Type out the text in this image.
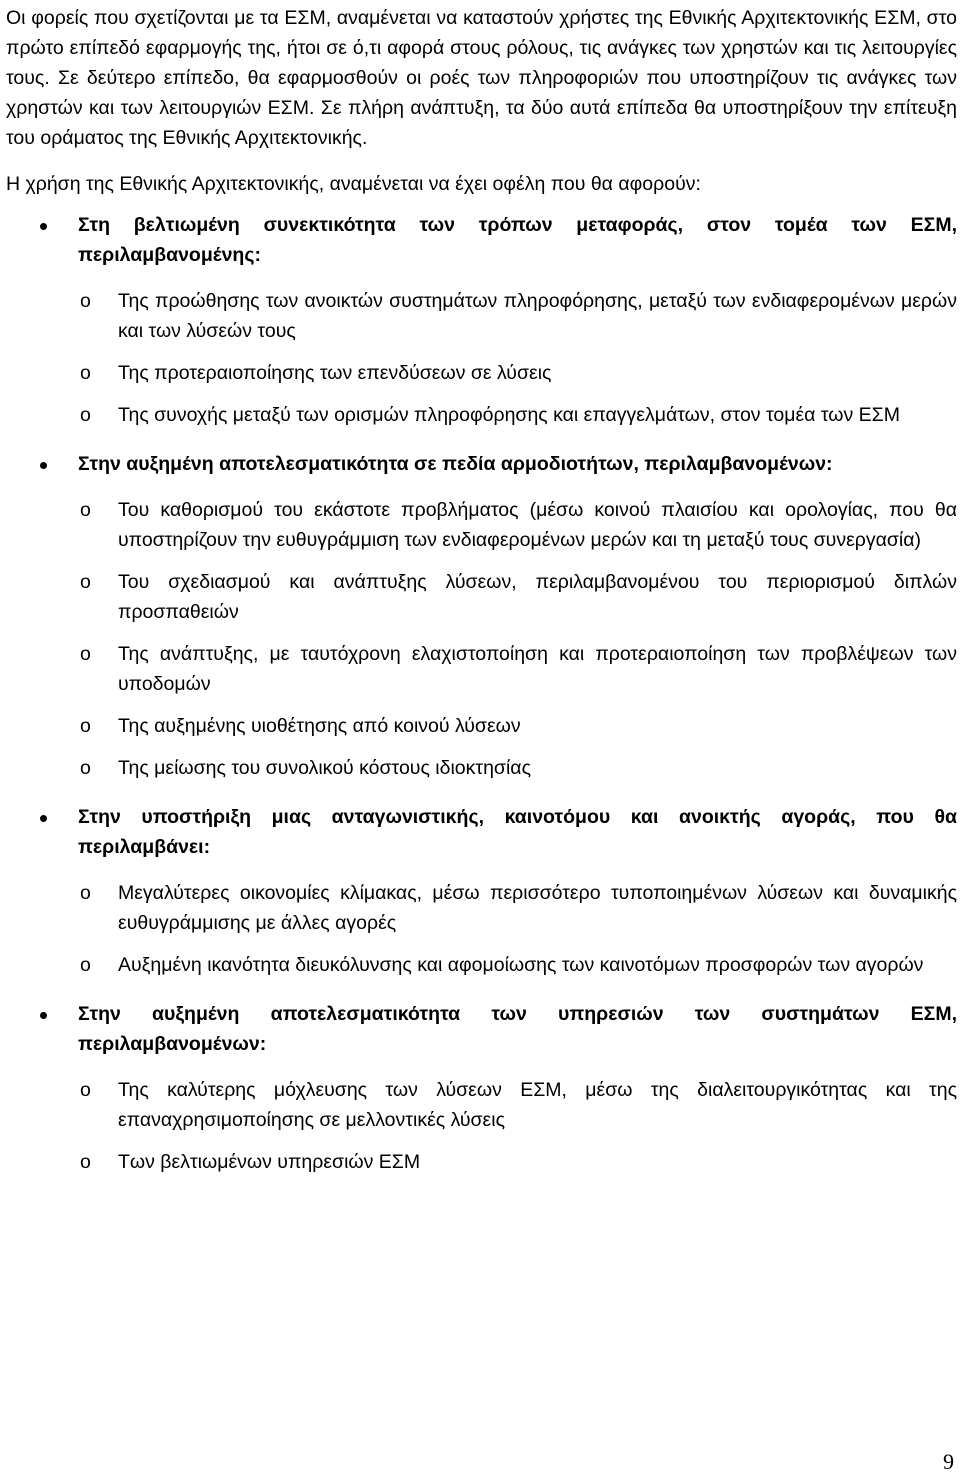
Οι φορείς που σχετίζονται με τα ΕΣΜ, αναμένεται να καταστούν χρήστες της Εθνικής Αρχιτεκτονικής ΕΣΜ, στο πρώτο επίπεδό εφαρμογής της, ήτοι σε ό,τι αφορά στους ρόλους, τις ανάγκες των χρηστών και τις λειτουργίες τους. Σε δεύτερο επίπεδο, θα εφαρμοσθούν οι ροές των πληροφοριών που υποστηρίζουν τις ανάγκες των χρηστών και των λειτουργιών ΕΣΜ. Σε πλήρη ανάπτυξη, τα δύο αυτά επίπεδα θα υποστηρίξουν την επίτευξη του οράματος της Εθνικής Αρχιτεκτονικής.

Η χρήση της Εθνικής Αρχιτεκτονικής, αναμένεται να έχει οφέλη που θα αφορούν:

Στη βελτιωμένη συνεκτικότητα των τρόπων μεταφοράς, στον τομέα των ΕΣΜ, περιλαμβανομένης:
o Της προώθησης των ανοικτών συστημάτων πληροφόρησης, μεταξύ των ενδιαφερομένων μερών και των λύσεών τους
o Της προτεραιοποίησης των επενδύσεων σε λύσεις
o Της συνοχής μεταξύ των ορισμών πληροφόρησης και επαγγελμάτων, στον τομέα των ΕΣΜ
Στην αυξημένη αποτελεσματικότητα σε πεδία αρμοδιοτήτων, περιλαμβανομένων:
o Του καθορισμού του εκάστοτε προβλήματος (μέσω κοινού πλαισίου και ορολογίας, που θα υποστηρίζουν την ευθυγράμμιση των ενδιαφερομένων μερών και τη μεταξύ τους συνεργασία)
o Του σχεδιασμού και ανάπτυξης λύσεων, περιλαμβανομένου του περιορισμού διπλών προσπαθειών
o Της ανάπτυξης, με ταυτόχρονη ελαχιστοποίηση και προτεραιοποίηση των προβλέψεων των υποδομών
o Της αυξημένης υιοθέτησης από κοινού λύσεων
o Της μείωσης του συνολικού κόστους ιδιοκτησίας
Στην υποστήριξη μιας ανταγωνιστικής, καινοτόμου και ανοικτής αγοράς, που θα περιλαμβάνει:
o Μεγαλύτερες οικονομίες κλίμακας, μέσω περισσότερο τυποποιημένων λύσεων και δυναμικής ευθυγράμμισης με άλλες αγορές
o Αυξημένη ικανότητα διευκόλυνσης και αφομοίωσης των καινοτόμων προσφορών των αγορών
Στην αυξημένη αποτελεσματικότητα των υπηρεσιών των συστημάτων ΕΣΜ, περιλαμβανομένων:
o Της καλύτερης μόχλευσης των λύσεων ΕΣΜ, μέσω της διαλειτουργικότητας και της επαναχρησιμοποίησης σε μελλοντικές λύσεις
o Των βελτιωμένων υπηρεσιών ΕΣΜ
9
